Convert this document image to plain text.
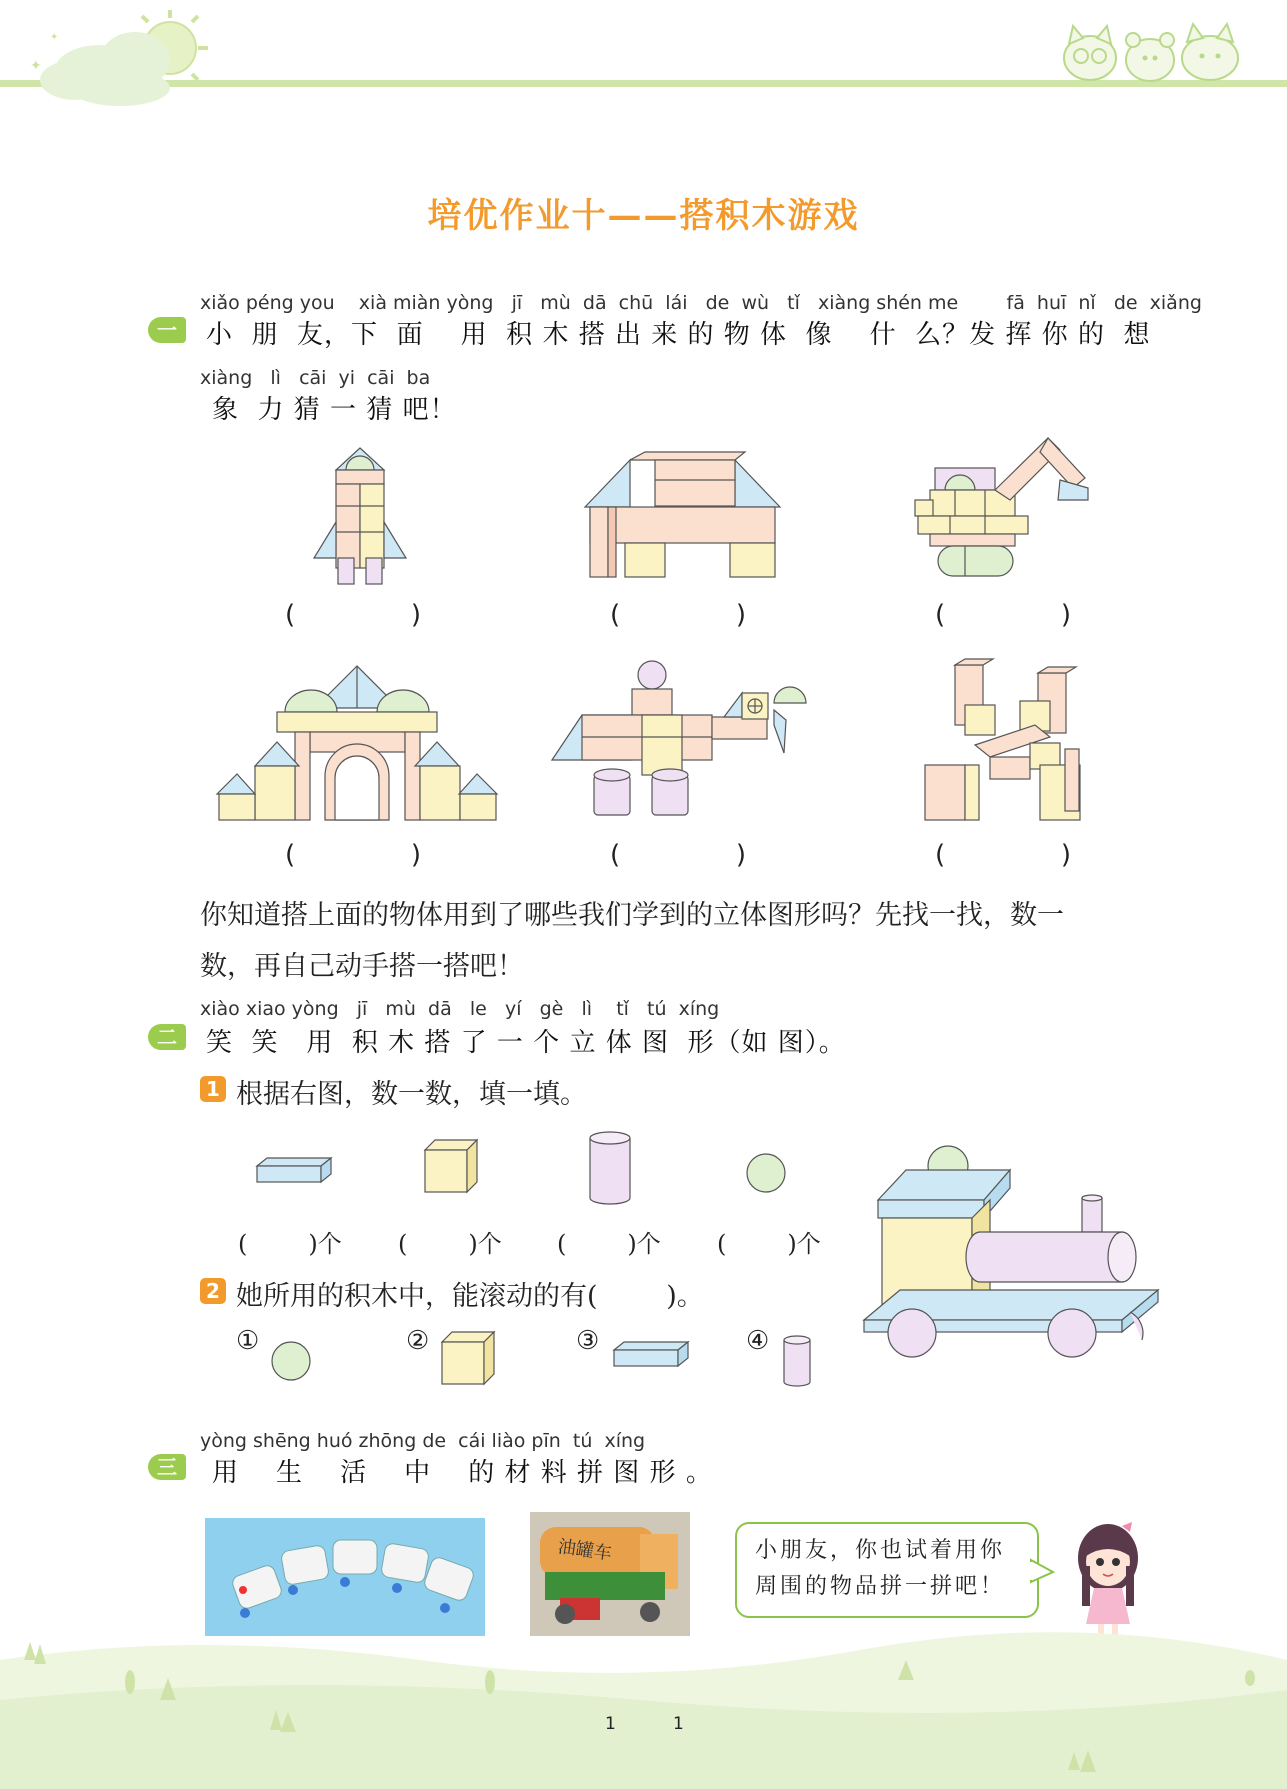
✦
✦
培优作业十——搭积木游戏
一
xiǎo péng you    xià miàn yòng   jī   mù  dā  chū  lái   de  wù   tǐ   xiàng shén me        fā  huī  nǐ   de  xiǎng
小  朋  友，下  面    用  积 木 搭 出 来 的 物 体  像    什  么？发 挥 你 的  想
xiàng   lì   cāi  yi  cāi  ba
象  力 猜 一 猜 吧！
(              )	(              )	(              )
(              )	(              )	(              )
你知道搭上面的物体用到了哪些我们学到的立体图形吗？先找一找，数一
数，再自己动手搭一搭吧！
二
xiào xiao yòng   jī   mù  dā   le   yí   gè   lì    tǐ   tú  xíng
笑  笑   用  积 木 搭 了 一 个 立 体 图  形（如 图）。
1 根据右图，数一数，填一填。
(        )个 (        )个 (        )个 (        )个
2 她所用的积木中，能滚动的有(        )。
①	②	③	④
三
yòng shēng huó zhōng de  cái liào pīn  tú  xíng
用    生    活    中    的 材 料 拼 图 形 。
油罐车	小朋友，你也试着用你
周围的物品拼一拼吧！
1	1
